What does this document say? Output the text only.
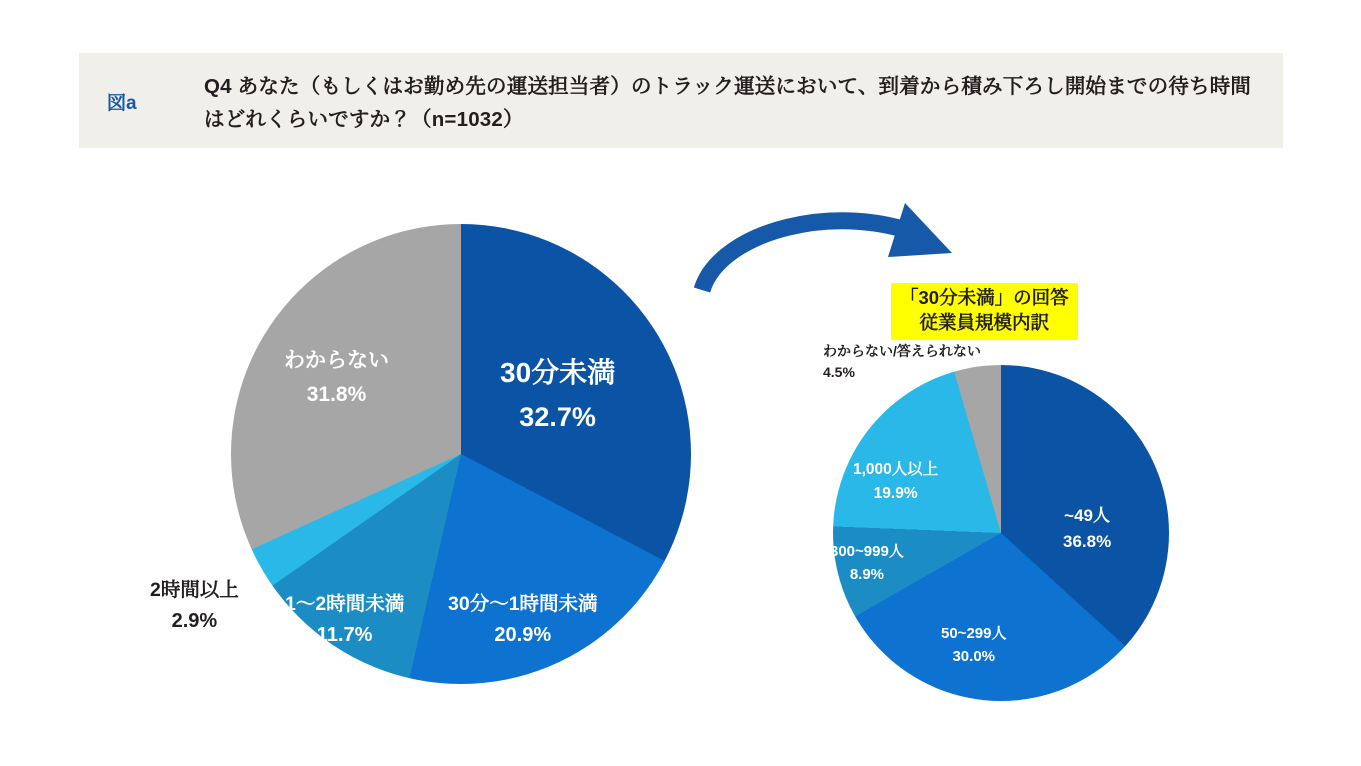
図a
Q4 あなた（もしくはお勤め先の運送担当者）のトラック運送において、到着から積み下ろし開始までの待ち時間はどれくらいですか？（n=1032）
30分未満
32.7%
30分～1時間未満
20.9%
1～2時間未満
11.7%
2時間以上
2.9%
わからない
31.8%
「30分未満」の回答
従業員規模内訳
~49人
36.8%
50~299人
30.0%
300~999人
8.9%
1,000人以上
19.9%
わからない/答えられない
4.5%
